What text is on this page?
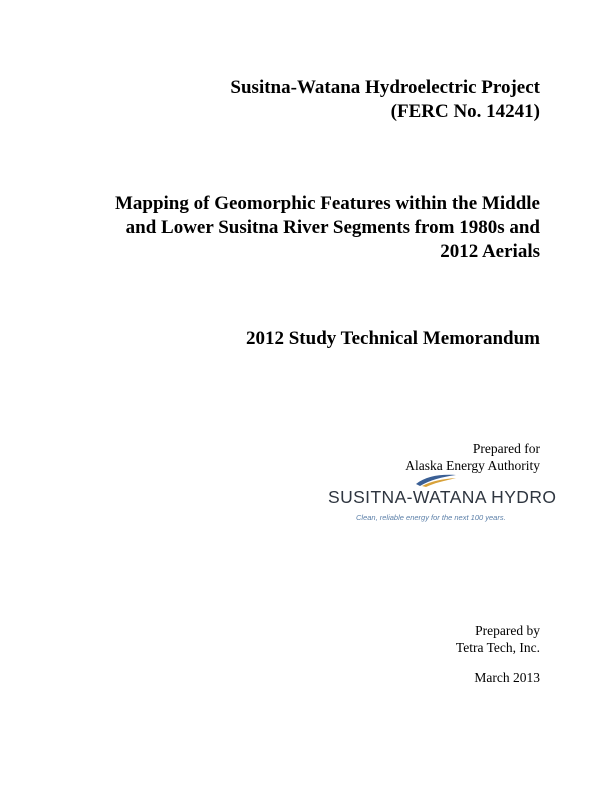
Susitna-Watana Hydroelectric Project
(FERC No. 14241)
Mapping of Geomorphic Features within the Middle
and Lower Susitna River Segments from 1980s and
2012 Aerials
2012 Study Technical Memorandum
Prepared for
Alaska Energy Authority
SUSITNA-WATANA HYDRO
Clean, reliable energy for the next 100 years.
Prepared by
Tetra Tech, Inc.
March 2013
